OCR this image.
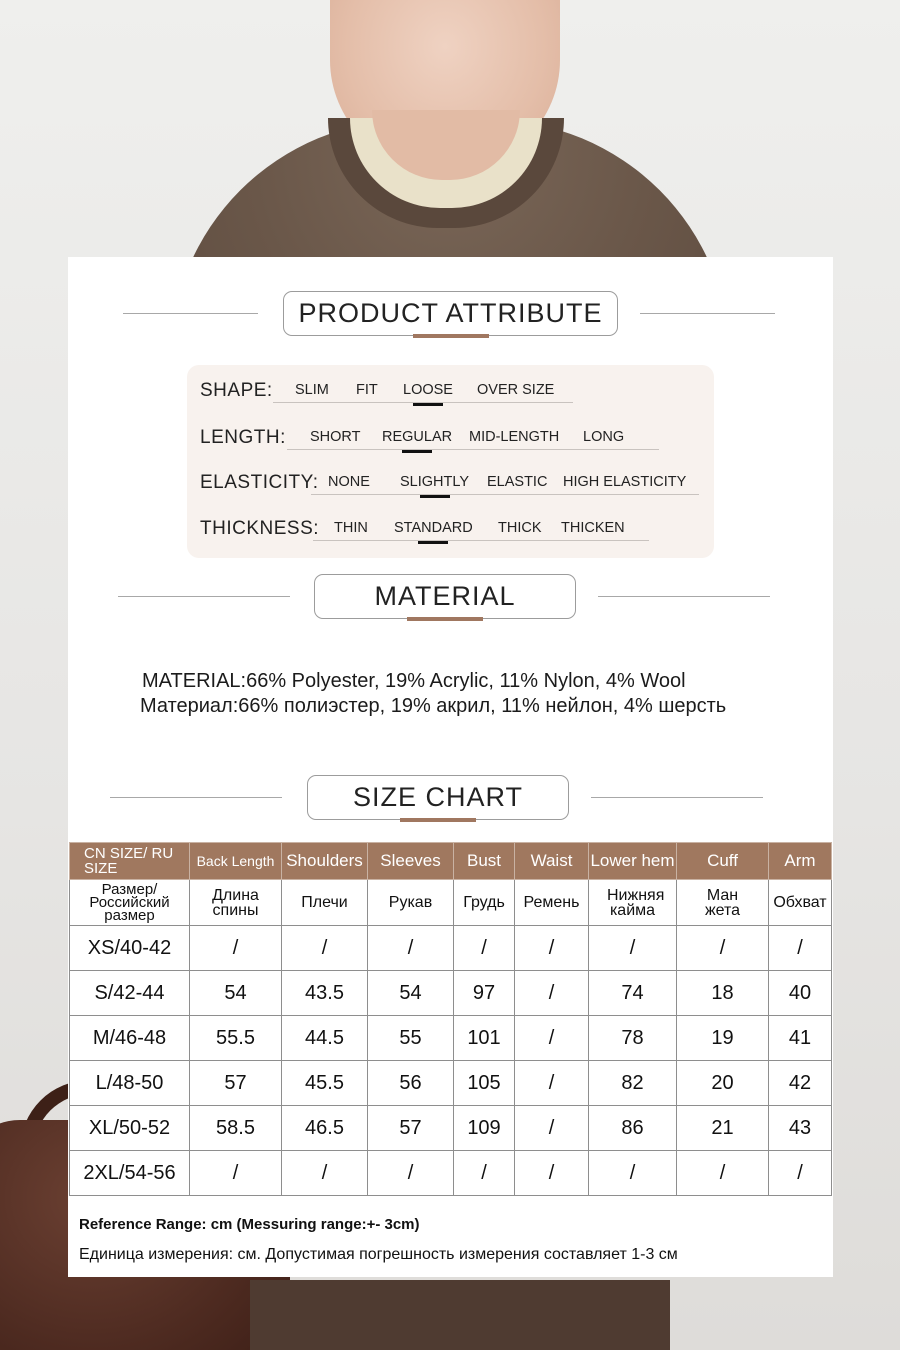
PRODUCT ATTRIBUTE
SHAPE: SLIM FIT LOOSE OVER SIZE
LENGTH: SHORT REGULAR MID-LENGTH LONG
ELASTICITY: NONE SLIGHTLY ELASTIC HIGH ELASTICITY
THICKNESS: THIN STANDARD THICK THICKEN
MATERIAL
MATERIAL:66% Polyester, 19% Acrylic, 11% Nylon, 4% Wool
Материал:66% полиэстер, 19% акрил, 11% нейлон, 4% шерсть
SIZE CHART
CN SIZE/ RU SIZE	Back Length	Shoulders	Sleeves	Bust	Waist	Lower hem	Cuff	Arm
Размер/ Российский размер	Длина спины	Плечи	Рукав	Грудь	Ремень	Нижняя кайма	Ман жета	Обхват
XS/40-42	/	/	/	/	/	/	/	/
S/42-44	54	43.5	54	97	/	74	18	40
M/46-48	55.5	44.5	55	101	/	78	19	41
L/48-50	57	45.5	56	105	/	82	20	42
XL/50-52	58.5	46.5	57	109	/	86	21	43
2XL/54-56	/	/	/	/	/	/	/	/
Reference Range: cm (Messuring range:+- 3cm)
Единица измерения: см. Допустимая погрешность измерения составляет 1-3 см
